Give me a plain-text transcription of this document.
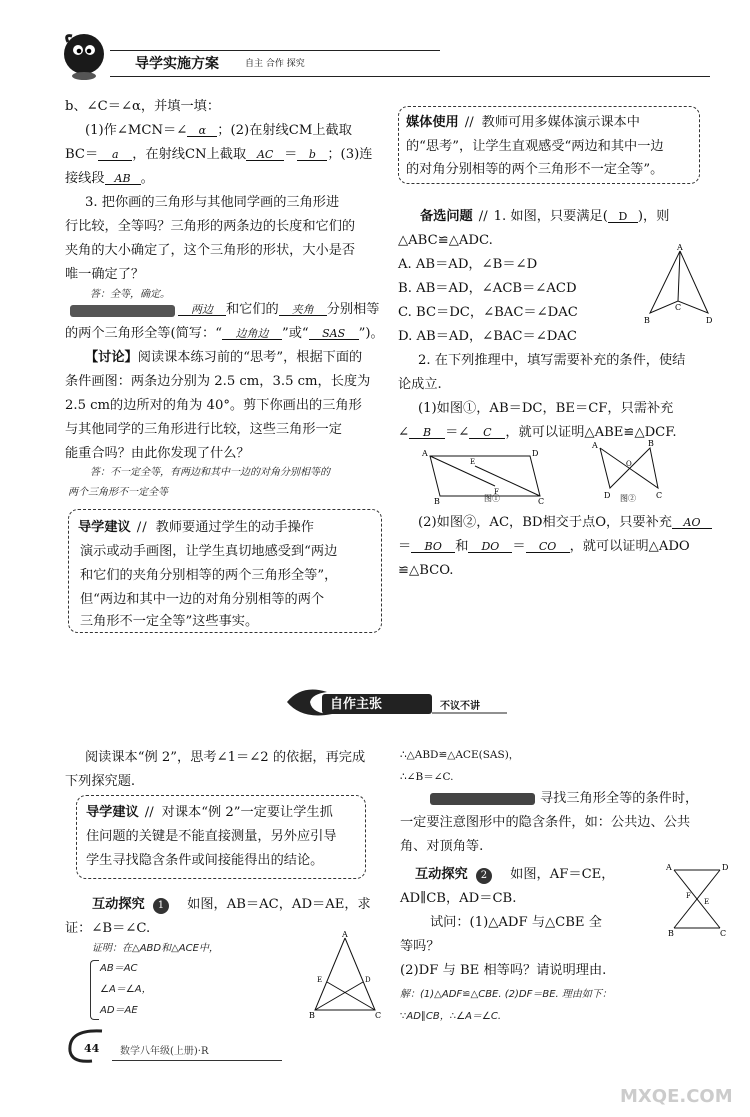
导学实施方案	自主 合作 探究
b、∠C＝∠α，并填一填：
(1)作∠MCN＝∠ α ；(2)在射线CM上截取
BC＝ a ，在射线CN上截取 AC ＝ b ；(3)连
接线段 AB 。
3. 把你画的三角形与其他同学画的三角形进
行比较，全等吗？三角形的两条边的长度和它们的
夹角的大小确定了，这个三角形的形状，大小是否
唯一确定了？
答：全等，确定。
两边 和它们的 夹角 分别相等
的两个三角形全等(简写：“ 边角边 ”或“ SAS ”)。
【讨论】阅读课本练习前的“思考”，根据下面的
条件画图：两条边分别为 2.5 cm，3.5 cm，长度为
2.5 cm的边所对的角为 40°。剪下你画出的三角形
与其他同学的三角形进行比较，这些三角形一定
能重合吗？由此你发现了什么？
答：不一定全等，有两边和其中一边的对角分别相等的
两个三角形不一定全等
导学建议 // 教师要通过学生的动手操作
演示或动手画图，让学生真切地感受到“两边
和它们的夹角分别相等的两个三角形全等”，
但“两边和其中一边的对角分别相等的两个
三角形不一定全等”这些事实。
媒体使用 // 教师可用多媒体演示课本中
的“思考”，让学生直观感受“两边和其中一边
的对角分别相等的两个三角形不一定全等”。
备选问题 // 1. 如图，只要满足( D )，则
△ABC≌△ADC.
A. AB＝AD，∠B＝∠D
B. AB＝AD，∠ACB＝∠ACD
C. BC＝DC，∠BAC＝∠DAC
D. AB＝AD，∠BAC＝∠DAC
A
B
C
D
2. 在下列推理中，填写需要补充的条件，使结
论成立.
(1)如图①，AB＝DC，BE＝CF，只需补充
∠ B ＝∠ C ，就可以证明△ABE≌△DCF.
A	D
B	C
F
E
图①
A	B
D	C
O
图②
(2)如图②，AC，BD相交于点O，只要补充 AO
＝ BO 和 DO ＝ CO ，就可以证明△ADO
≌△BCO.
自作主张	不议不讲
阅读课本“例 2”，思考∠1＝∠2 的依据，再完成
下列探究题.
导学建议 // 对课本“例 2”一定要让学生抓
住问题的关键是不能直接测量，另外应引导
学生寻找隐含条件或间接能得出的结论。
互动探究 1 如图，AB＝AC，AD＝AE，求
证：∠B＝∠C.
证明：在△ABD和△ACE中，
AB＝AC
∠A＝∠A，
AD＝AE
A
E	D
B	C
∴△ABD≌△ACE(SAS)，
∴∠B＝∠C.
寻找三角形全等的条件时，
一定要注意图形中的隐含条件，如：公共边、公共
角、对顶角等.
互动探究 2 如图，AF＝CE，
AD∥CB，AD＝CB.
试问：(1)△ADF 与△CBE 全
等吗？
(2)DF 与 BE 相等吗？请说明理由.
解：(1)△ADF≌△CBE. (2)DF＝BE. 理由如下：
∵AD∥CB，∴∠A＝∠C.
A	D
F
E
B	C
44 数学八年级(上册)·R
MXQE.COM
